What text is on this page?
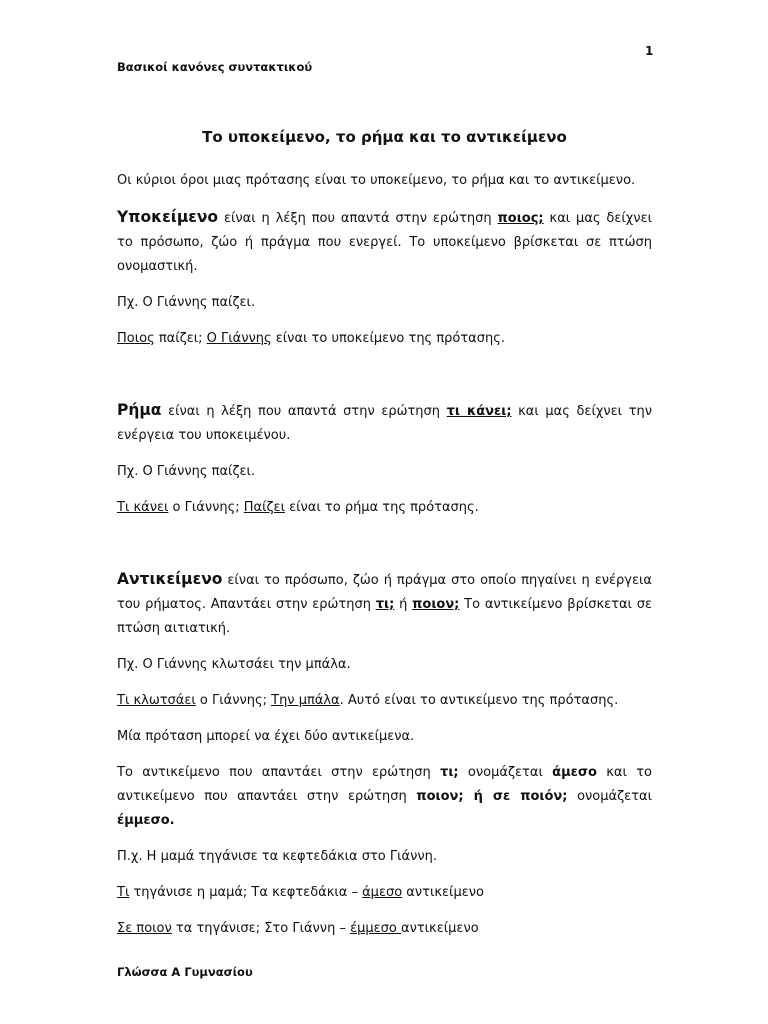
1
Βασικοί κανόνες συντακτικού
Το υποκείμενο, το ρήμα και το αντικείμενο

Οι κύριοι όροι μιας πρότασης είναι το υποκείμενο, το ρήμα και το αντικείμενο.

Υποκείμενο είναι η λέξη που απαντά στην ερώτηση ποιος; και μας δείχνει το πρόσωπο, ζώο ή πράγμα που ενεργεί. Το υποκείμενο βρίσκεται σε πτώση ονομαστική.

Πχ. Ο Γιάννης παίζει.

Ποιος παίζει; Ο Γιάννης είναι το υποκείμενο της πρότασης.

Ρήμα είναι η λέξη που απαντά στην ερώτηση τι κάνει; και μας δείχνει την ενέργεια του υποκειμένου.

Πχ. Ο Γιάννης παίζει.

Τι κάνει ο Γιάννης; Παίζει είναι το ρήμα της πρότασης.

Αντικείμενο είναι το πρόσωπο, ζώο ή πράγμα στο οποίο πηγαίνει η ενέργεια του ρήματος. Απαντάει στην ερώτηση τι; ή ποιον; Το αντικείμενο βρίσκεται σε πτώση αιτιατική.

Πχ. Ο Γιάννης κλωτσάει την μπάλα.

Τι κλωτσάει ο Γιάννης; Την μπάλα. Αυτό είναι το αντικείμενο της πρότασης.

Μία πρόταση μπορεί να έχει δύο αντικείμενα.

Το αντικείμενο που απαντάει στην ερώτηση τι; ονομάζεται άμεσο και το αντικείμενο που απαντάει στην ερώτηση ποιον; ή σε ποιόν; ονομάζεται έμμεσο.

Π.χ. Η μαμά τηγάνισε τα κεφτεδάκια στο Γιάννη.

Τι τηγάνισε η μαμά; Τα κεφτεδάκια – άμεσο αντικείμενο

Σε ποιον τα τηγάνισε; Στο Γιάννη – έμμεσο αντικείμενο

Γλώσσα Α Γυμνασίου
